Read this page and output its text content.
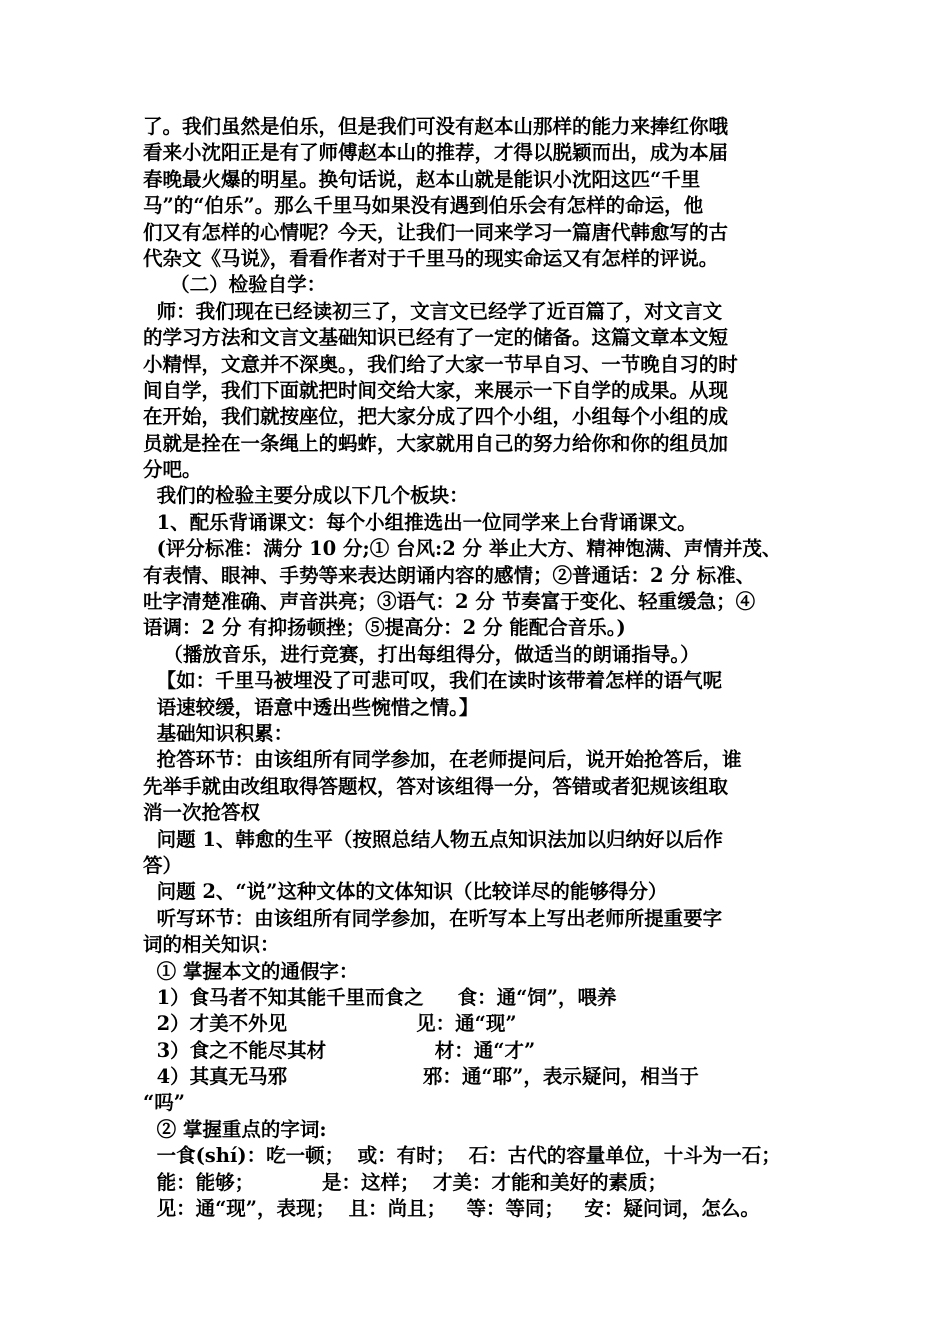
了。我们虽然是伯乐，但是我们可没有赵本山那样的能力来捧红你哦
看来小沈阳正是有了师傅赵本山的推荐，才得以脱颖而出，成为本届
春晚最火爆的明星。换句话说，赵本山就是能识小沈阳这匹“千里
马”的“伯乐”。那么千里马如果没有遇到伯乐会有怎样的命运，他
们又有怎样的心情呢？今天，让我们一同来学习一篇唐代韩愈写的古
代杂文《马说》，看看作者对于千里马的现实命运又有怎样的评说。
（二）检验自学：
师：我们现在已经读初三了，文言文已经学了近百篇了，对文言文
的学习方法和文言文基础知识已经有了一定的储备。这篇文章本文短
小精悍，文意并不深奥。，我们给了大家一节早自习、一节晚自习的时
间自学，我们下面就把时间交给大家，来展示一下自学的成果。从现
在开始，我们就按座位，把大家分成了四个小组，小组每个小组的成
员就是拴在一条绳上的蚂蚱，大家就用自己的努力给你和你的组员加
分吧。
我们的检验主要分成以下几个板块：
1、配乐背诵课文：每个小组推选出一位同学来上台背诵课文。
(评分标准：满分 10 分;① 台风:2 分 举止大方、精神饱满、声情并茂、
有表情、眼神、手势等来表达朗诵内容的感情；②普通话：2 分 标准、
吐字清楚准确、声音洪亮；③语气：2 分 节奏富于变化、轻重缓急；④
语调：2 分 有抑扬顿挫；⑤提高分：2 分 能配合音乐。)
（播放音乐，进行竞赛，打出每组得分，做适当的朗诵指导。）
【如：千里马被埋没了可悲可叹，我们在读时该带着怎样的语气呢
语速较缓，语意中透出些惋惜之情。】
基础知识积累：
抢答环节：由该组所有同学参加，在老师提问后，说开始抢答后，谁
先举手就由改组取得答题权，答对该组得一分，答错或者犯规该组取
消一次抢答权
问题 1、韩愈的生平（按照总结人物五点知识法加以归纳好以后作
答）
问题 2、“说”这种文体的文体知识（比较详尽的能够得分）
听写环节：由该组所有同学参加，在听写本上写出老师所提重要字
词的相关知识：
① 掌握本文的通假字：
1）食马者不知其能千里而食之     食：通“饲”，喂养
2）才美不外见                   见：通“现”
3）食之不能尽其材                材：通“才”
4）其真无马邪                    邪：通“耶”，表示疑问，相当于
“吗”
② 掌握重点的字词:
一食(shí)：吃一顿；  或：有时；  石：古代的容量单位，十斗为一石；
能：能够；          是：这样；  才美：才能和美好的素质；
见：通“现”，表现；  且：尚且；   等：等同；   安：疑问词，怎么。
